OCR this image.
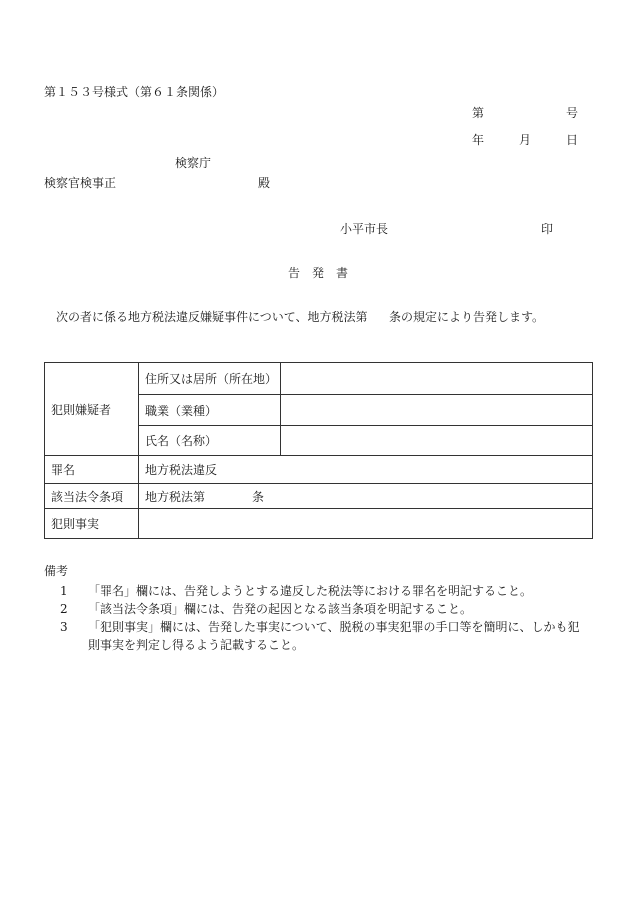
第１５３号様式（第６１条関係）
第	号
年	月	日
検察庁
検察官検事正	殿
小平市長	印
告　発　書
次の者に係る地方税法違反嫌疑事件について、地方税法第 条の規定により告発します。
犯則嫌疑者	住所又は居所（所在地）	
	職業（業種）	
	氏名（名称）	
罪名	地方税法違反	
該当法令条項	地方税法第 条	
犯則事実		
備考
1 「罪名」欄には、告発しようとする違反した税法等における罪名を明記すること。
2 「該当法令条項」欄には、告発の起因となる該当条項を明記すること。
3 「犯則事実」欄には、告発した事実について、脱税の事実犯罪の手口等を簡明に、しかも犯則事実を判定し得るよう記載すること。
